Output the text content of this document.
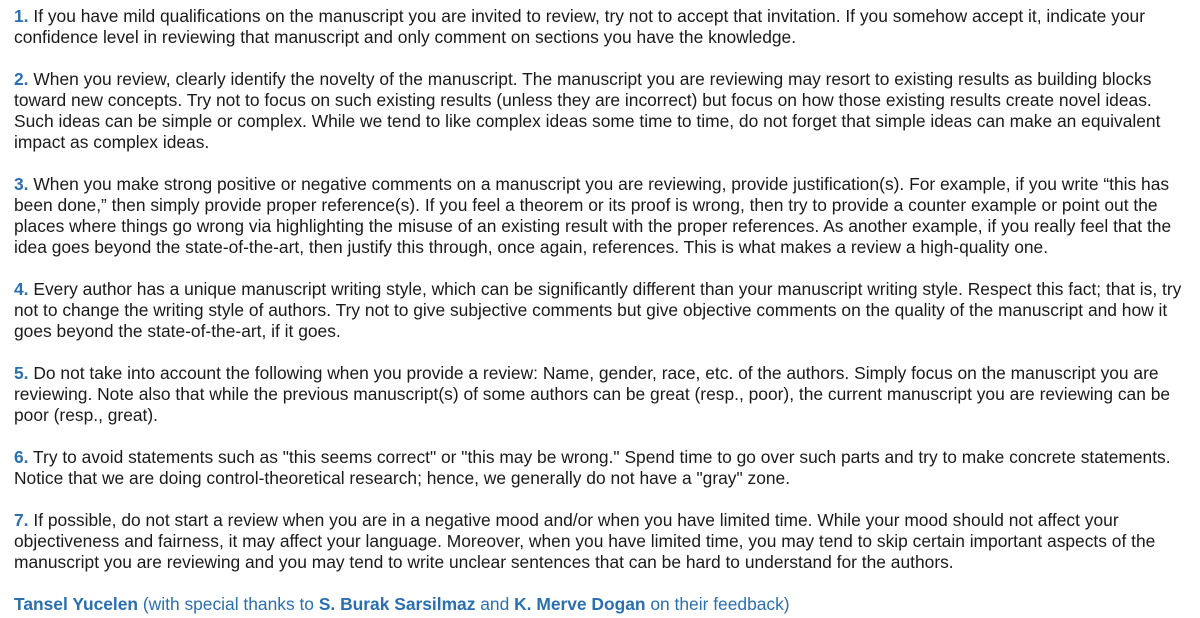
1. If you have mild qualifications on the manuscript you are invited to review, try not to accept that invitation. If you somehow accept it, indicate your confidence level in reviewing that manuscript and only comment on sections you have the knowledge.

2. When you review, clearly identify the novelty of the manuscript. The manuscript you are reviewing may resort to existing results as building blocks toward new concepts. Try not to focus on such existing results (unless they are incorrect) but focus on how those existing results create novel ideas. Such ideas can be simple or complex. While we tend to like complex ideas some time to time, do not forget that simple ideas can make an equivalent impact as complex ideas.

3. When you make strong positive or negative comments on a manuscript you are reviewing, provide justification(s). For example, if you write “this has been done,” then simply provide proper reference(s). If you feel a theorem or its proof is wrong, then try to provide a counter example or point out the places where things go wrong via highlighting the misuse of an existing result with the proper references. As another example, if you really feel that the idea goes beyond the state-of-the-art, then justify this through, once again, references. This is what makes a review a high-quality one.

4. Every author has a unique manuscript writing style, which can be significantly different than your manuscript writing style. Respect this fact; that is, try not to change the writing style of authors. Try not to give subjective comments but give objective comments on the quality of the manuscript and how it goes beyond the state-of-the-art, if it goes.

5. Do not take into account the following when you provide a review: Name, gender, race, etc. of the authors. Simply focus on the manuscript you are reviewing. Note also that while the previous manuscript(s) of some authors can be great (resp., poor), the current manuscript you are reviewing can be poor (resp., great).

6. Try to avoid statements such as "this seems correct" or "this may be wrong." Spend time to go over such parts and try to make concrete statements. Notice that we are doing control-theoretical research; hence, we generally do not have a "gray" zone.

7. If possible, do not start a review when you are in a negative mood and/or when you have limited time. While your mood should not affect your objectiveness and fairness, it may affect your language. Moreover, when you have limited time, you may tend to skip certain important aspects of the manuscript you are reviewing and you may tend to write unclear sentences that can be hard to understand for the authors.

Tansel Yucelen (with special thanks to S. Burak Sarsilmaz and K. Merve Dogan on their feedback)
